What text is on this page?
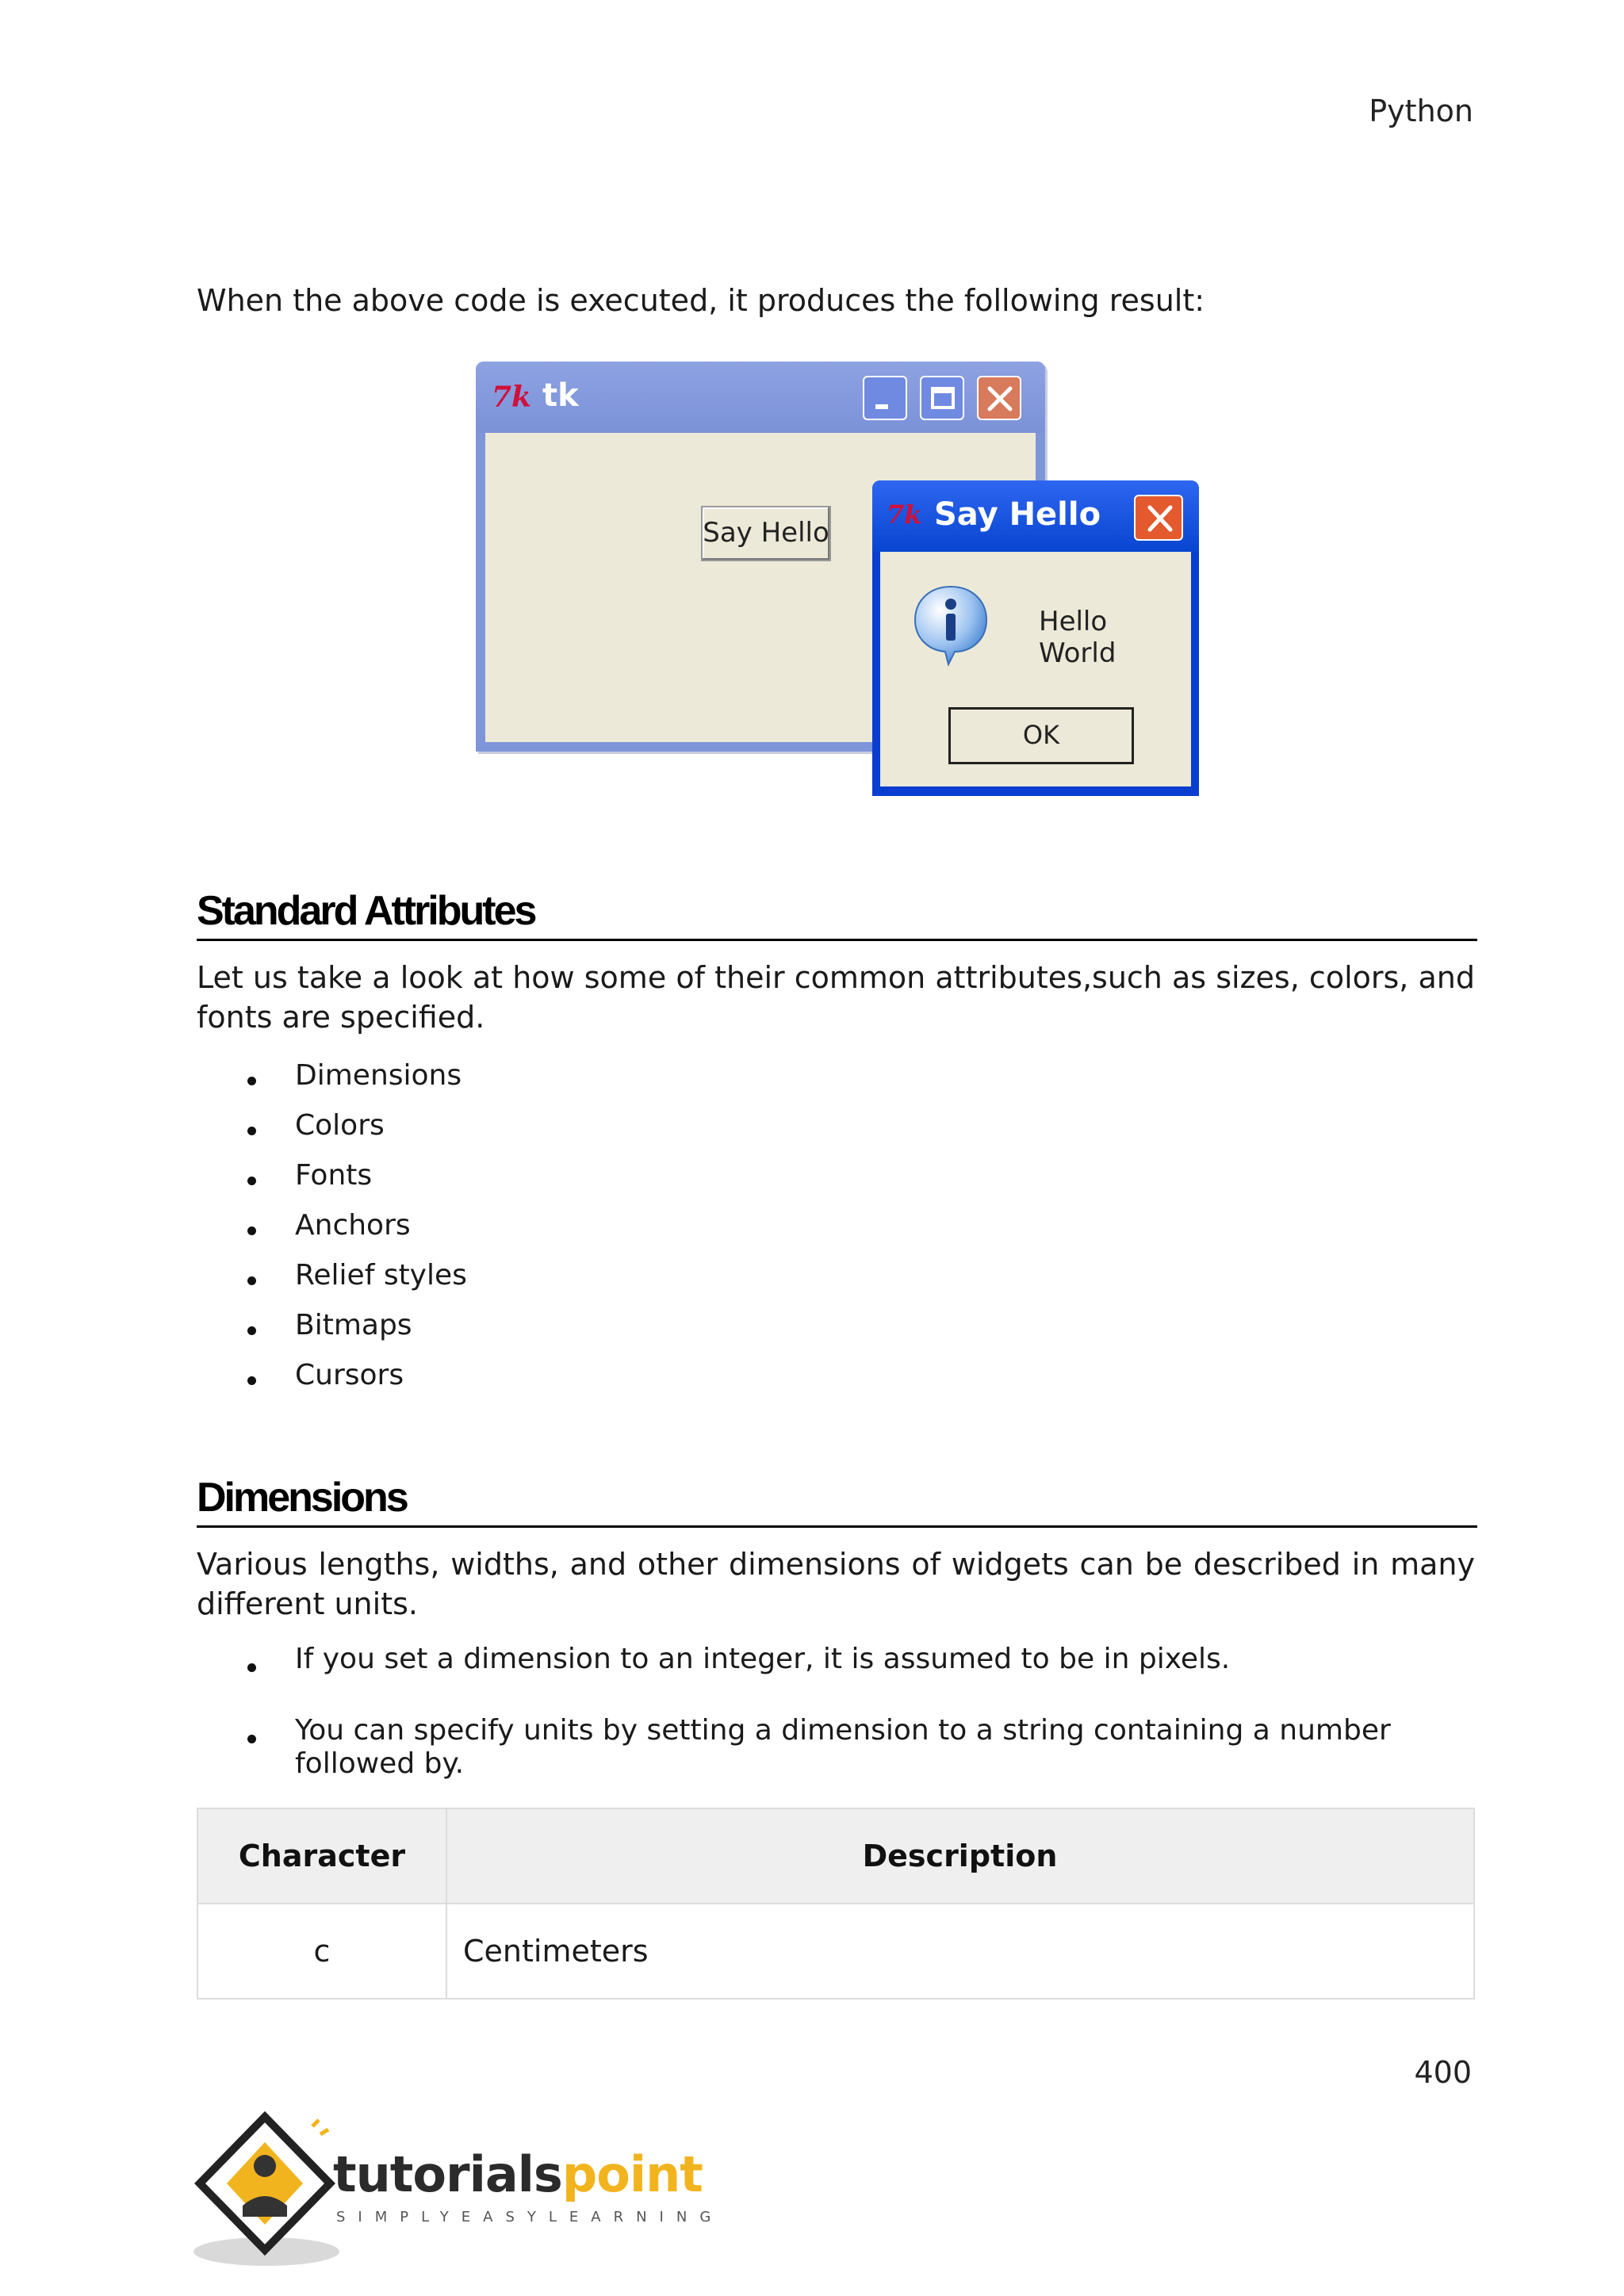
Python
When the above code is executed, it produces the following result:
7k tk
Say Hello
7k Say Hello
Hello World
OK
Standard Attributes
Let us take a look at how some of their common attributes,such as sizes, colors, and fonts are specified.
Dimensions
Colors
Fonts
Anchors
Relief styles
Bitmaps
Cursors
Dimensions
Various lengths, widths, and other dimensions of widgets can be described in many different units.
If you set a dimension to an integer, it is assumed to be in pixels.
You can specify units by setting a dimension to a string containing a number followed by.
Character	Description
c	Centimeters
400
tutorialspoint
SIMPLYEASYLEARNING
